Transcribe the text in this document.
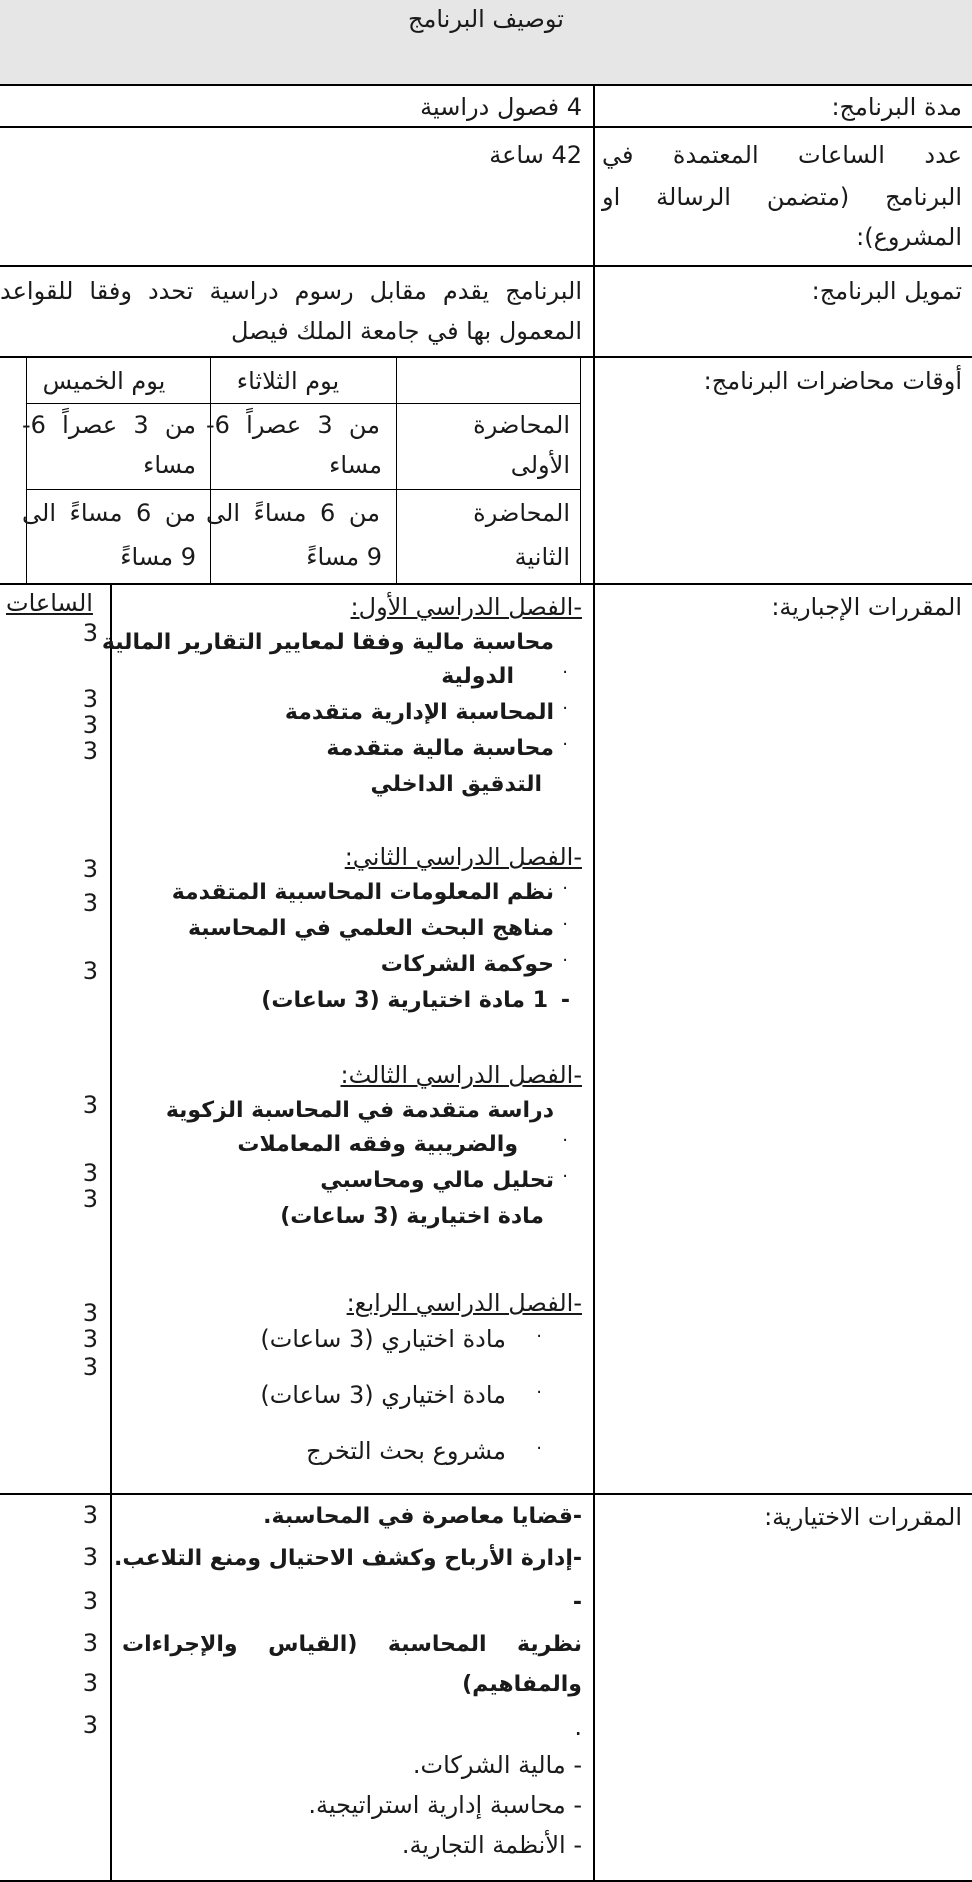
توصيف البرنامج
مدة البرنامج:
4 فصول دراسية
عدد الساعات المعتمدة في
البرنامج (متضمن الرسالة او
المشروع):
42 ساعة
تمويل البرنامج:
البرنامج يقدم مقابل رسوم دراسية تحدد وفقا للقواعد
المعمول بها في جامعة الملك فيصل
أوقات محاضرات البرنامج:
يوم الثلاثاء
يوم الخميس
المحاضرة
الأولى
من 3 عصراً 6-
مساء
من 3 عصراً 6-
مساء
المحاضرة
الثانية
من 6 مساءً الى
9 مساءً
من 6 مساءً الى
9 مساءً
المقررات الإجبارية:
الساعات	-الفصل الدراسي الأول:
محاسبة مالية وفقا لمعايير التقارير المالية
·
الدولية
·
المحاسبة الإدارية متقدمة
·
محاسبة مالية متقدمة
التدقيق الداخلي
3
3
3
3
-الفصل الدراسي الثاني:
·
نظم المعلومات المحاسبية المتقدمة
·
مناهج البحث العلمي في المحاسبة
·
حوكمة الشركات
-
1 مادة اختيارية (3 ساعات)
3
3
3
-الفصل الدراسي الثالث:
دراسة متقدمة في المحاسبة الزكوية
·
والضريبية وفقه المعاملات
·
تحليل مالي ومحاسبي
مادة اختيارية (3 ساعات)
3
3
3
-الفصل الدراسي الرابع:
·
مادة اختياري (3 ساعات)
·
مادة اختياري (3 ساعات)
·
مشروع بحث التخرج
3
3
3
المقررات الاختيارية:
-قضايا معاصرة في المحاسبة.
-إدارة الأرباح وكشف الاحتيال ومنع التلاعب.
-
نظرية المحاسبة (القياس والإجراءات
والمفاهيم)
.
- مالية الشركات.
- محاسبة إدارية استراتيجية.
- الأنظمة التجارية.
3
3
3
3
3
3
